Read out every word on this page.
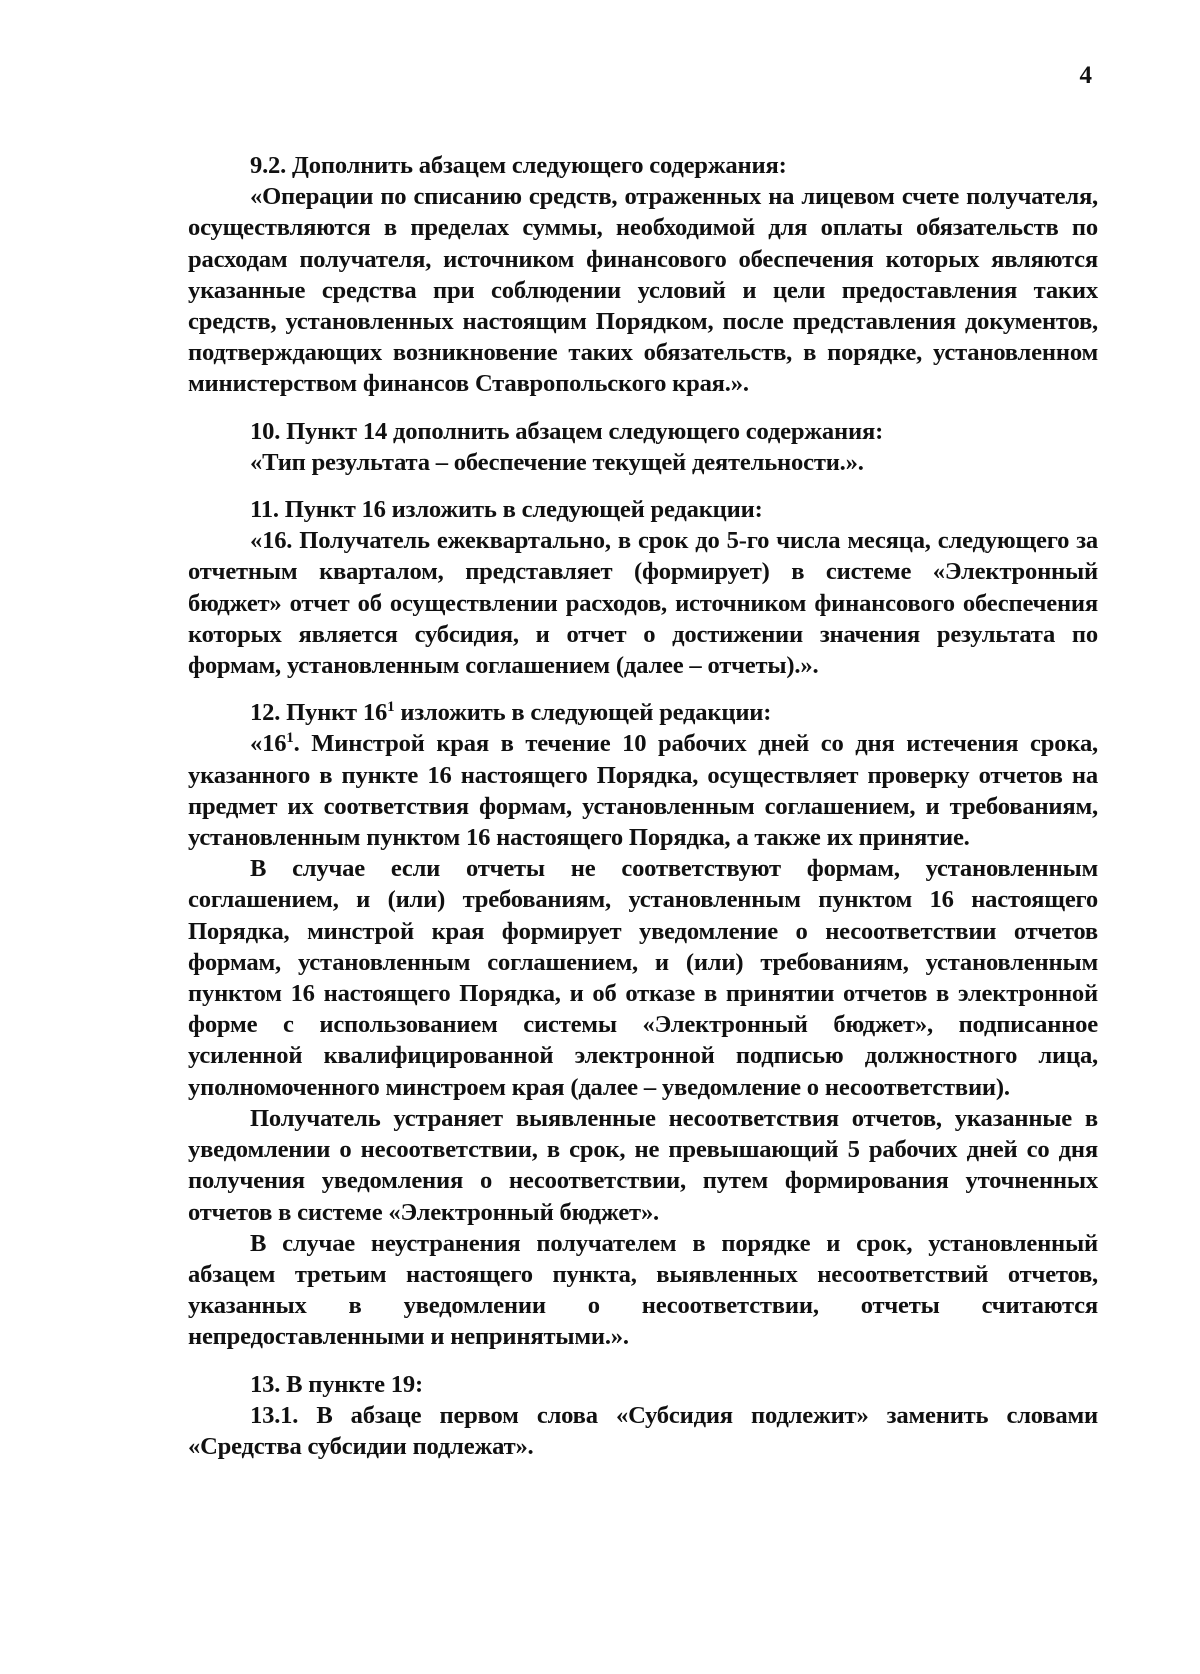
4

9.2. Дополнить абзацем следующего содержания:

«Операции по списанию средств, отраженных на лицевом счете получателя, осуществляются в пределах суммы, необходимой для оплаты обязательств по расходам получателя, источником финансового обеспечения которых являются указанные средства при соблюдении условий и цели предоставления таких средств, установленных настоящим Порядком, после представления документов, подтверждающих возникновение таких обязательств, в порядке, установленном министерством финансов Ставропольского края.».

10. Пункт 14 дополнить абзацем следующего содержания:

«Тип результата – обеспечение текущей деятельности.».

11. Пункт 16 изложить в следующей редакции:

«16. Получатель ежеквартально, в срок до 5-го числа месяца, следующего за отчетным кварталом, представляет (формирует) в системе «Электронный бюджет» отчет об осуществлении расходов, источником финансового обеспечения которых является субсидия, и отчет о достижении значения результата по формам, установленным соглашением (далее – отчеты).».

12. Пункт $16^1$ изложить в следующей редакции:

«$16^1$. Минстрой края в течение 10 рабочих дней со дня истечения срока, указанного в пункте 16 настоящего Порядка, осуществляет проверку отчетов на предмет их соответствия формам, установленным соглашением, и требованиям, установленным пунктом 16 настоящего Порядка, а также их принятие.

В случае если отчеты не соответствуют формам, установленным соглашением, и (или) требованиям, установленным пунктом 16 настоящего Порядка, минстрой края формирует уведомление о несоответствии отчетов формам, установленным соглашением, и (или) требованиям, установленным пунктом 16 настоящего Порядка, и об отказе в принятии отчетов в электронной форме с использованием системы «Электронный бюджет», подписанное усиленной квалифицированной электронной подписью должностного лица, уполномоченного минстроем края (далее – уведомление о несоответствии).

Получатель устраняет выявленные несоответствия отчетов, указанные в уведомлении о несоответствии, в срок, не превышающий 5 рабочих дней со дня получения уведомления о несоответствии, путем формирования уточненных отчетов в системе «Электронный бюджет».

В случае неустранения получателем в порядке и срок, установленный абзацем третьим настоящего пункта, выявленных несоответствий отчетов, указанных в уведомлении о несоответствии, отчеты считаются непредоставленными и непринятыми.».

13. В пункте 19:

13.1. В абзаце первом слова «Субсидия подлежит» заменить словами «Средства субсидии подлежат».
